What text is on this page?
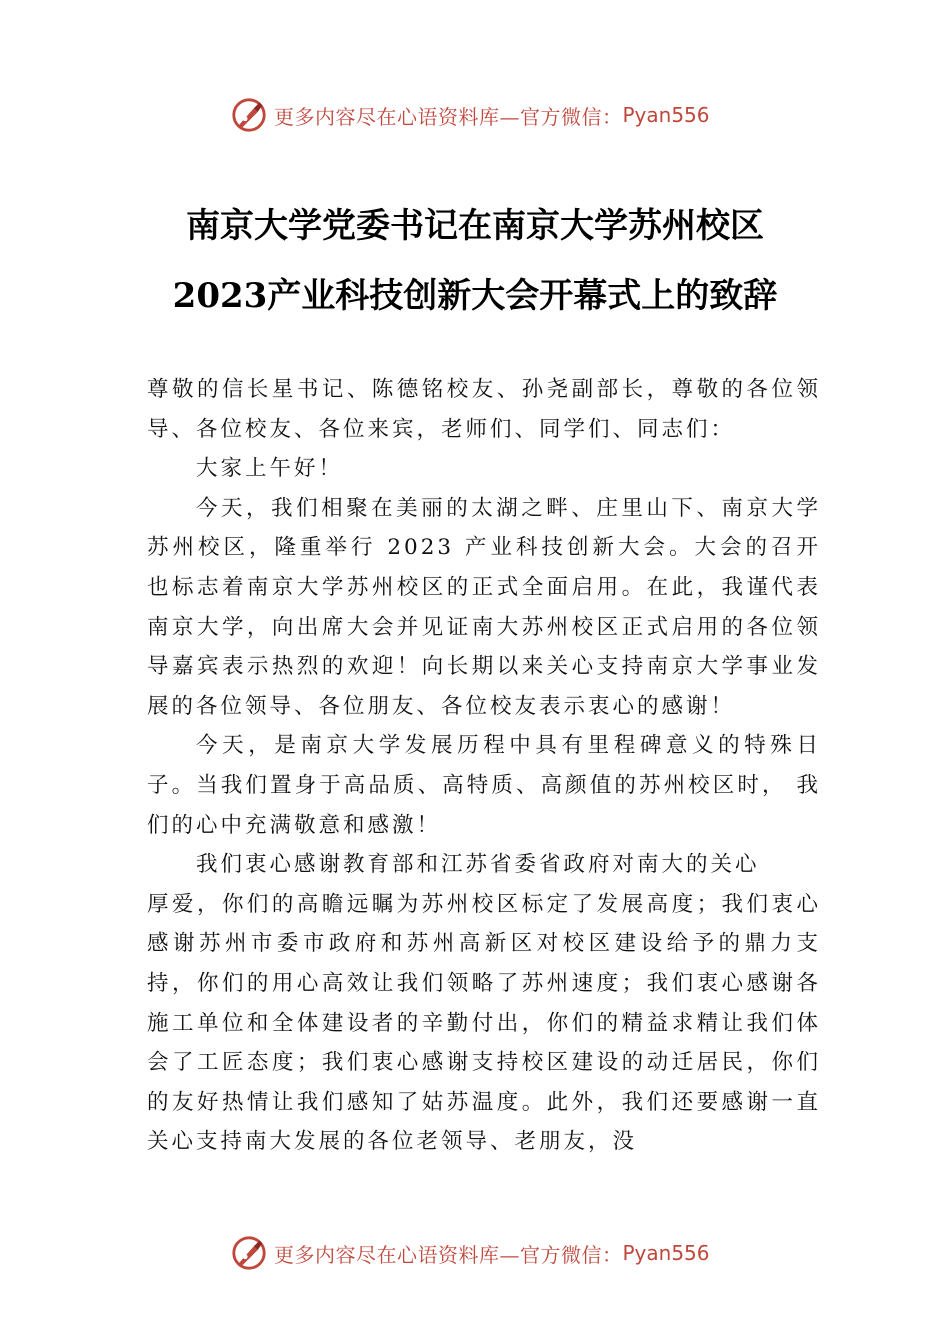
更多内容尽在心语资料库—官方微信： Pyan556
南京大学党委书记在南京大学苏州校区
2023产业科技创新大会开幕式上的致辞

尊敬的信长星书记、陈德铭校友、孙尧副部长，尊敬的各位领导、各位校友、各位来宾，老师们、同学们、同志们：

大家上午好！

今天，我们相聚在美丽的太湖之畔、庄里山下、南京大学苏州校区，隆重举行 2023 产业科技创新大会。大会的召开也标志着南京大学苏州校区的正式全面启用。在此，我谨代表南京大学，向出席大会并见证南大苏州校区正式启用的各位领导嘉宾表示热烈的欢迎！向长期以来关心支持南京大学事业发展的各位领导、各位朋友、各位校友表示衷心的感谢！

今天，是南京大学发展历程中具有里程碑意义的特殊日子。当我们置身于高品质、高特质、高颜值的苏州校区时， 我们的心中充满敬意和感激！

我们衷心感谢教育部和江苏省委省政府对南大的关心
厚爱，你们的高瞻远瞩为苏州校区标定了发展高度；我们衷心感谢苏州市委市政府和苏州高新区对校区建设给予的鼎力支持，你们的用心高效让我们领略了苏州速度；我们衷心感谢各施工单位和全体建设者的辛勤付出，你们的精益求精让我们体会了工匠态度；我们衷心感谢支持校区建设的动迁居民，你们的友好热情让我们感知了姑苏温度。此外，我们还要感谢一直关心支持南大发展的各位老领导、老朋友，没

更多内容尽在心语资料库—官方微信： Pyan556
